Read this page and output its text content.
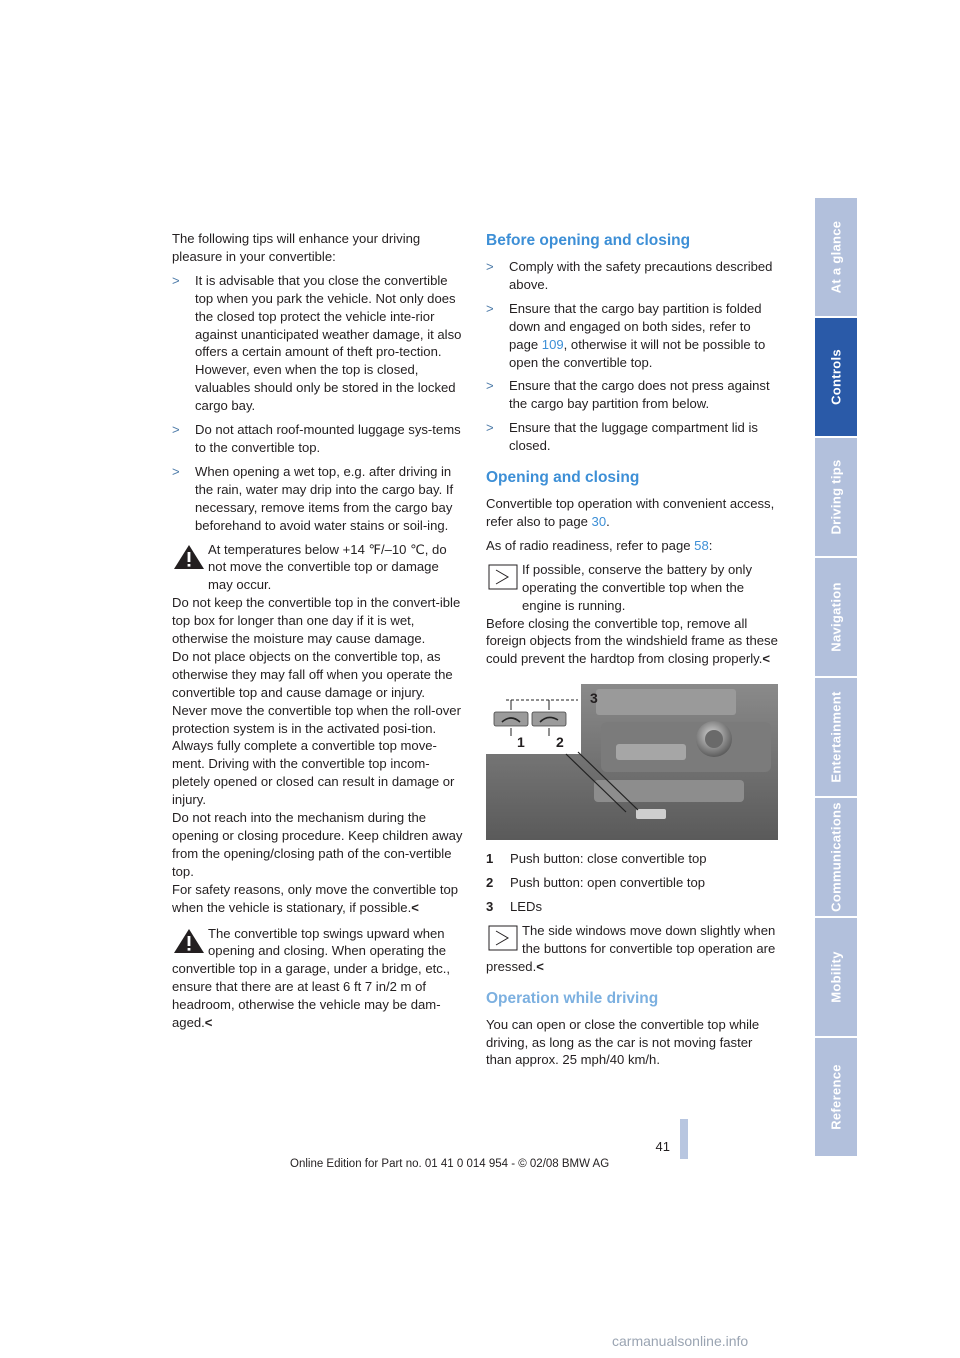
The following tips will enhance your driving pleasure in your convertible:

> It is advisable that you close the convertible top when you park the vehicle. Not only does the closed top protect the vehicle inte-rior against unanticipated weather damage, it also offers a certain amount of theft pro-tection. However, even when the top is closed, valuables should only be stored in the locked cargo bay.
> Do not attach roof-mounted luggage sys-tems to the convertible top.
> When opening a wet top, e.g. after driving in the rain, water may drip into the cargo bay. If necessary, remove items from the cargo bay beforehand to avoid water stains or soil-ing.
At temperatures below +14 ℉/–10 ℃, do not move the convertible top or damage may occur.
Do not keep the convertible top in the convert-ible top box for longer than one day if it is wet, otherwise the moisture may cause damage.
Do not place objects on the convertible top, as otherwise they may fall off when you operate the convertible top and cause damage or injury.
Never move the convertible top when the roll-over protection system is in the activated posi-tion.
Always fully complete a convertible top move-ment. Driving with the convertible top incom-pletely opened or closed can result in damage or injury.
Do not reach into the mechanism during the opening or closing procedure. Keep children away from the opening/closing path of the con-vertible top.
For safety reasons, only move the convertible top when the vehicle is stationary, if possible.<
The convertible top swings upward when opening and closing. When operating the convertible top in a garage, under a bridge, etc., ensure that there are at least 6 ft 7 in/2 m of headroom, otherwise the vehicle may be dam-aged.<
Before opening and closing
> Comply with the safety precautions described above.
> Ensure that the cargo bay partition is folded down and engaged on both sides, refer to page 109, otherwise it will not be possible to open the convertible top.
> Ensure that the cargo does not press against the cargo bay partition from below.
> Ensure that the luggage compartment lid is closed.
Opening and closing

Convertible top operation with convenient access, refer also to page 30.

As of radio readiness, refer to page 58:

If possible, conserve the battery by only operating the convertible top when the engine is running.
Before closing the convertible top, remove all foreign objects from the windshield frame as these could prevent the hardtop from closing properly.<
1 2
3
1 Push button: close convertible top
2 Push button: open convertible top
3 LEDs
The side windows move down slightly when the buttons for convertible top operation are pressed.<
Operation while driving

You can open or close the convertible top while driving, as long as the car is not moving faster than approx. 25 mph/40 km/h.

At a glance
Controls
Driving tips
Navigation
Entertainment
Communications
Mobility
Reference
41
Online Edition for Part no. 01 41 0 014 954 - © 02/08 BMW AG
carmanualsonline.info
